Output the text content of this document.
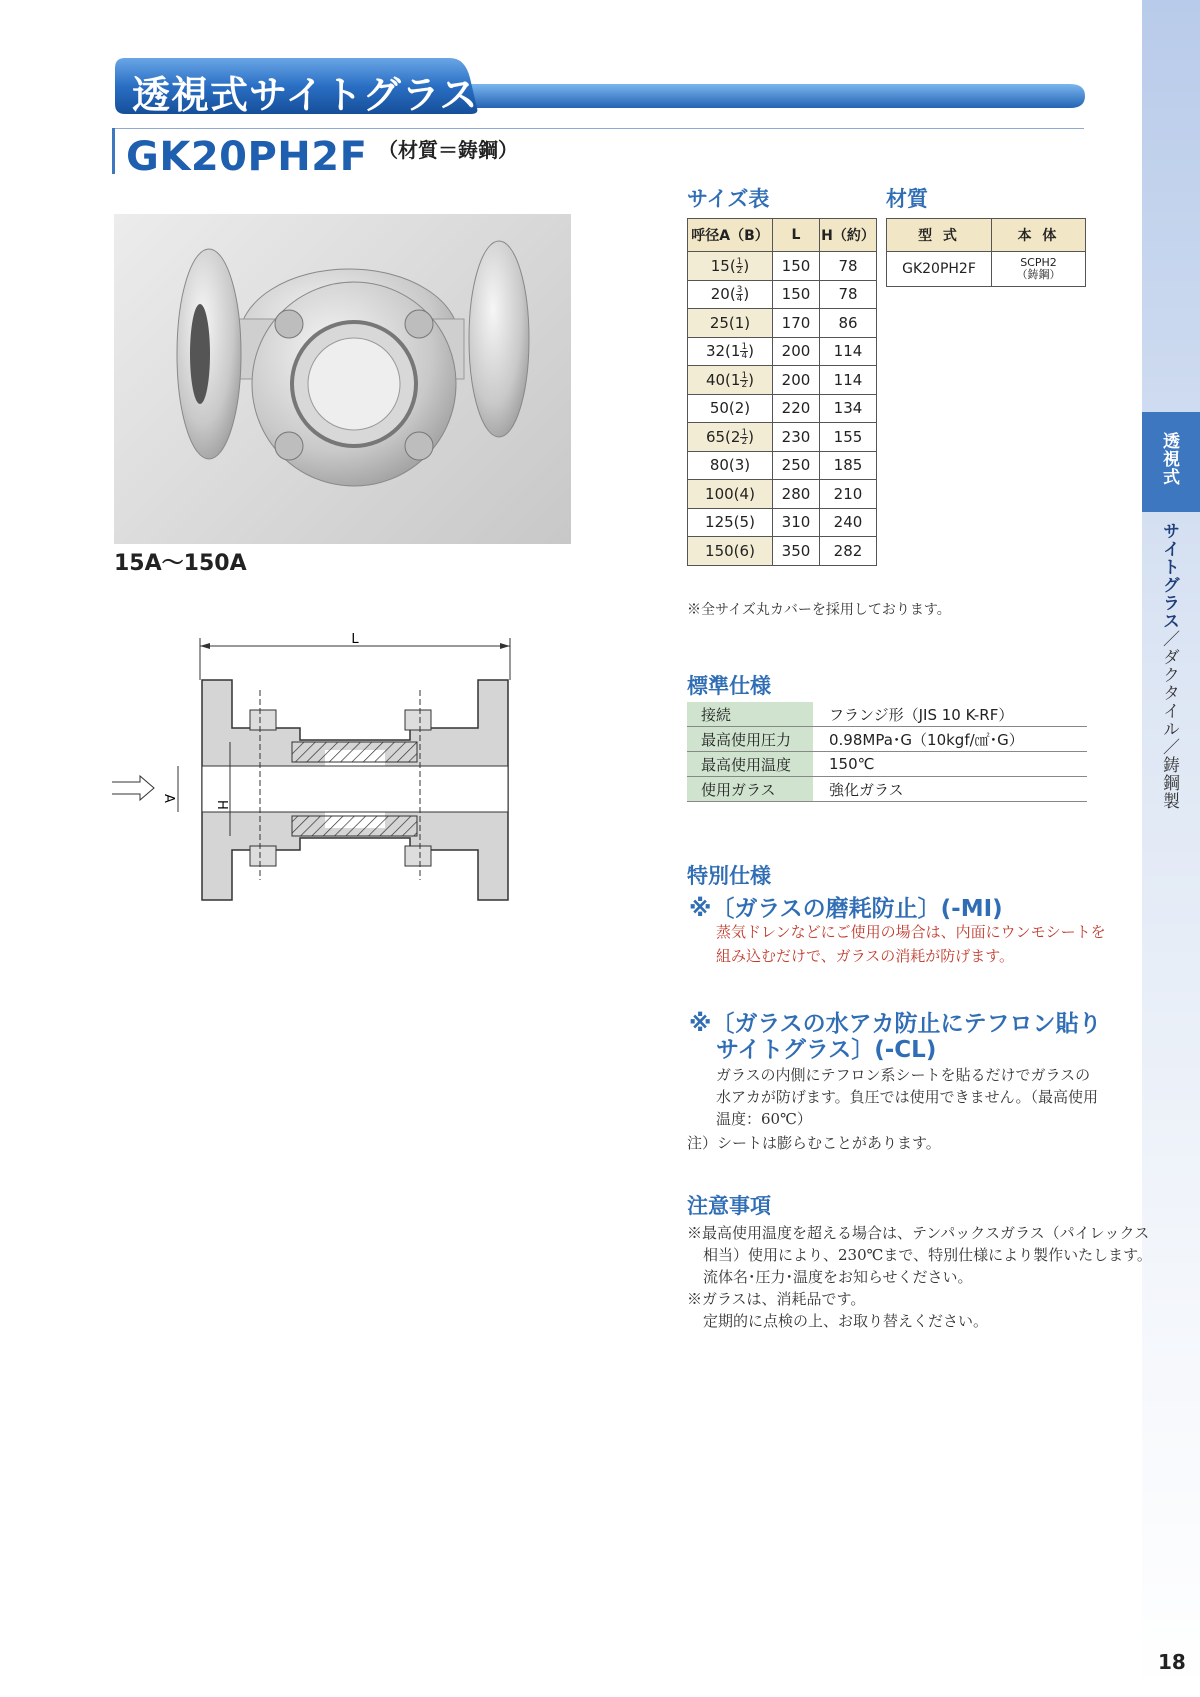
透視式
サイトグラス／ダクタイル／鋳鋼製
18
透視式サイトグラス
GK20PH2F （材質＝鋳鋼）
15A〜150A
L
A
H
サイズ表
呼径A（B）	L	H（約）
$15( \frac{1}{2}$ )	150	78
$20( \frac{3}{4}$ )	150	78
25(1)	170	86
$32(1 \frac{1}{4}$ )	200	114
$40(1 \frac{1}{2}$ )	200	114
50(2)	220	134
$65(2 \frac{1}{2}$ )	230	155
80(3)	250	185
100(4)	280	210
125(5)	310	240
150(6)	350	282
材質
型 式	本 体
GK20PH2F	SCPH2
（鋳鋼）
※全サイズ丸カバーを採用しております。
標準仕様
接続	フランジ形（JIS 10 K-RF）
最高使用圧力	0.98MPa･G（10kgf/㎠･G）
最高使用温度	150℃
使用ガラス	強化ガラス
特別仕様
※〔ガラスの磨耗防止〕(-MI)
蒸気ドレンなどにご使用の場合は、内面にウンモシートを
組み込むだけで、ガラスの消耗が防げます。
※〔ガラスの水アカ防止にテフロン貼り
サイトグラス〕(-CL)
ガラスの内側にテフロン系シートを貼るだけでガラスの
水アカが防げます。負圧では使用できません。（最高使用
温度：60℃）
注）シートは膨らむことがあります。
注意事項
※最高使用温度を超える場合は、テンパックスガラス（パイレックス
相当）使用により、230℃まで、特別仕様により製作いたします。
流体名･圧力･温度をお知らせください。
※ガラスは、消耗品です。
定期的に点検の上、お取り替えください。
